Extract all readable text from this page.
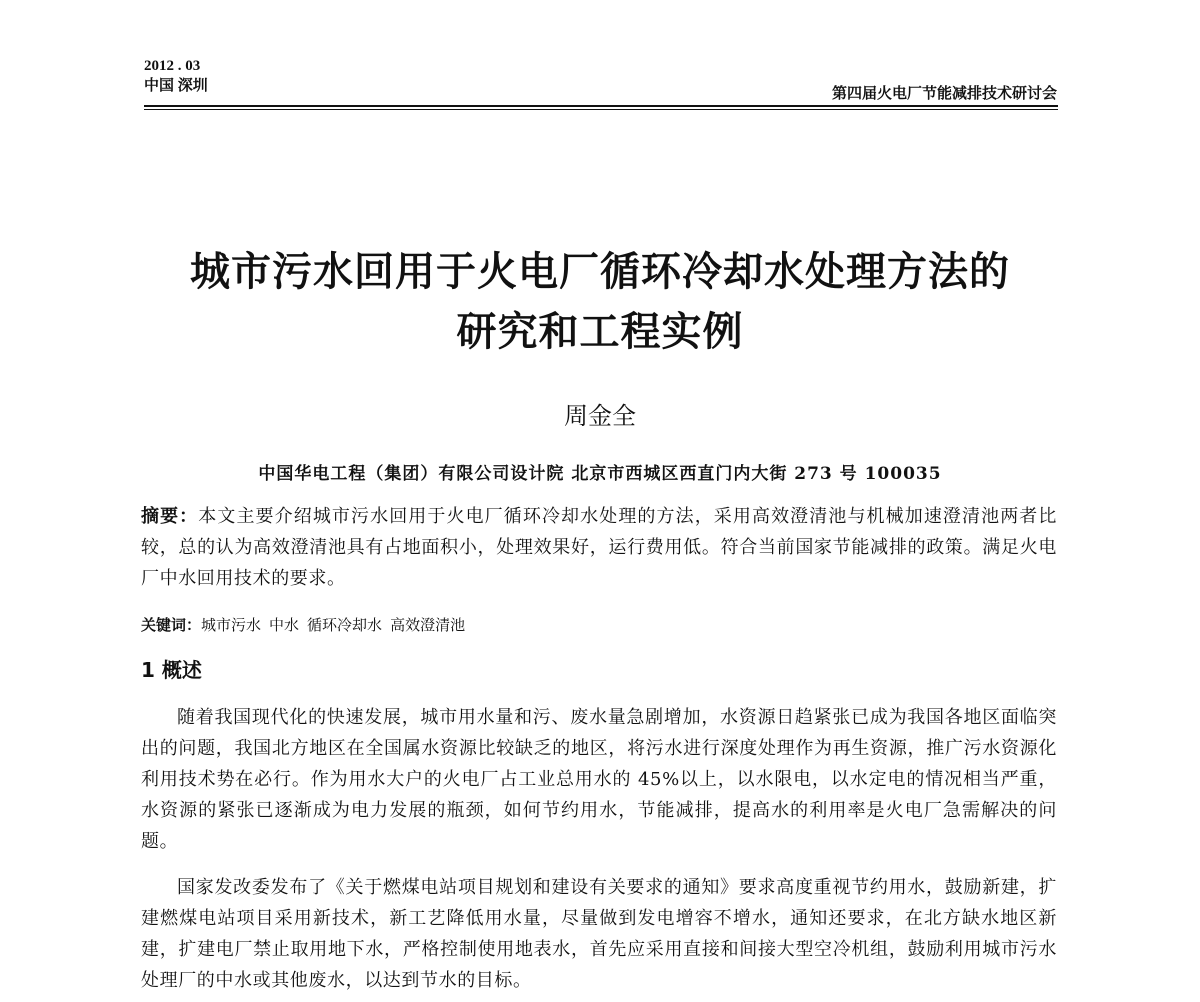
2012 . 03
中国 深圳	第四届火电厂节能减排技术研讨会
城市污水回用于火电厂循环冷却水处理方法的
研究和工程实例
周金全
中国华电工程（集团）有限公司设计院 北京市西城区西直门内大街 273 号 100035
摘要：本文主要介绍城市污水回用于火电厂循环冷却水处理的方法，采用高效澄清池与机械加速澄清池两者比较，总的认为高效澄清池具有占地面积小，处理效果好，运行费用低。符合当前国家节能减排的政策。满足火电厂中水回用技术的要求。
关键词：城市污水 中水 循环冷却水 高效澄清池
1 概述

随着我国现代化的快速发展，城市用水量和污、废水量急剧增加，水资源日趋紧张已成为我国各地区面临突出的问题，我国北方地区在全国属水资源比较缺乏的地区，将污水进行深度处理作为再生资源，推广污水资源化利用技术势在必行。作为用水大户的火电厂占工业总用水的 45%以上，以水限电，以水定电的情况相当严重，水资源的紧张已逐渐成为电力发展的瓶颈，如何节约用水，节能减排，提高水的利用率是火电厂急需解决的问题。

国家发改委发布了《关于燃煤电站项目规划和建设有关要求的通知》要求高度重视节约用水，鼓励新建，扩建燃煤电站项目采用新技术，新工艺降低用水量，尽量做到发电增容不增水，通知还要求，在北方缺水地区新建，扩建电厂禁止取用地下水，严格控制使用地表水，首先应采用直接和间接大型空冷机组，鼓励利用城市污水处理厂的中水或其他废水，以达到节水的目标。
